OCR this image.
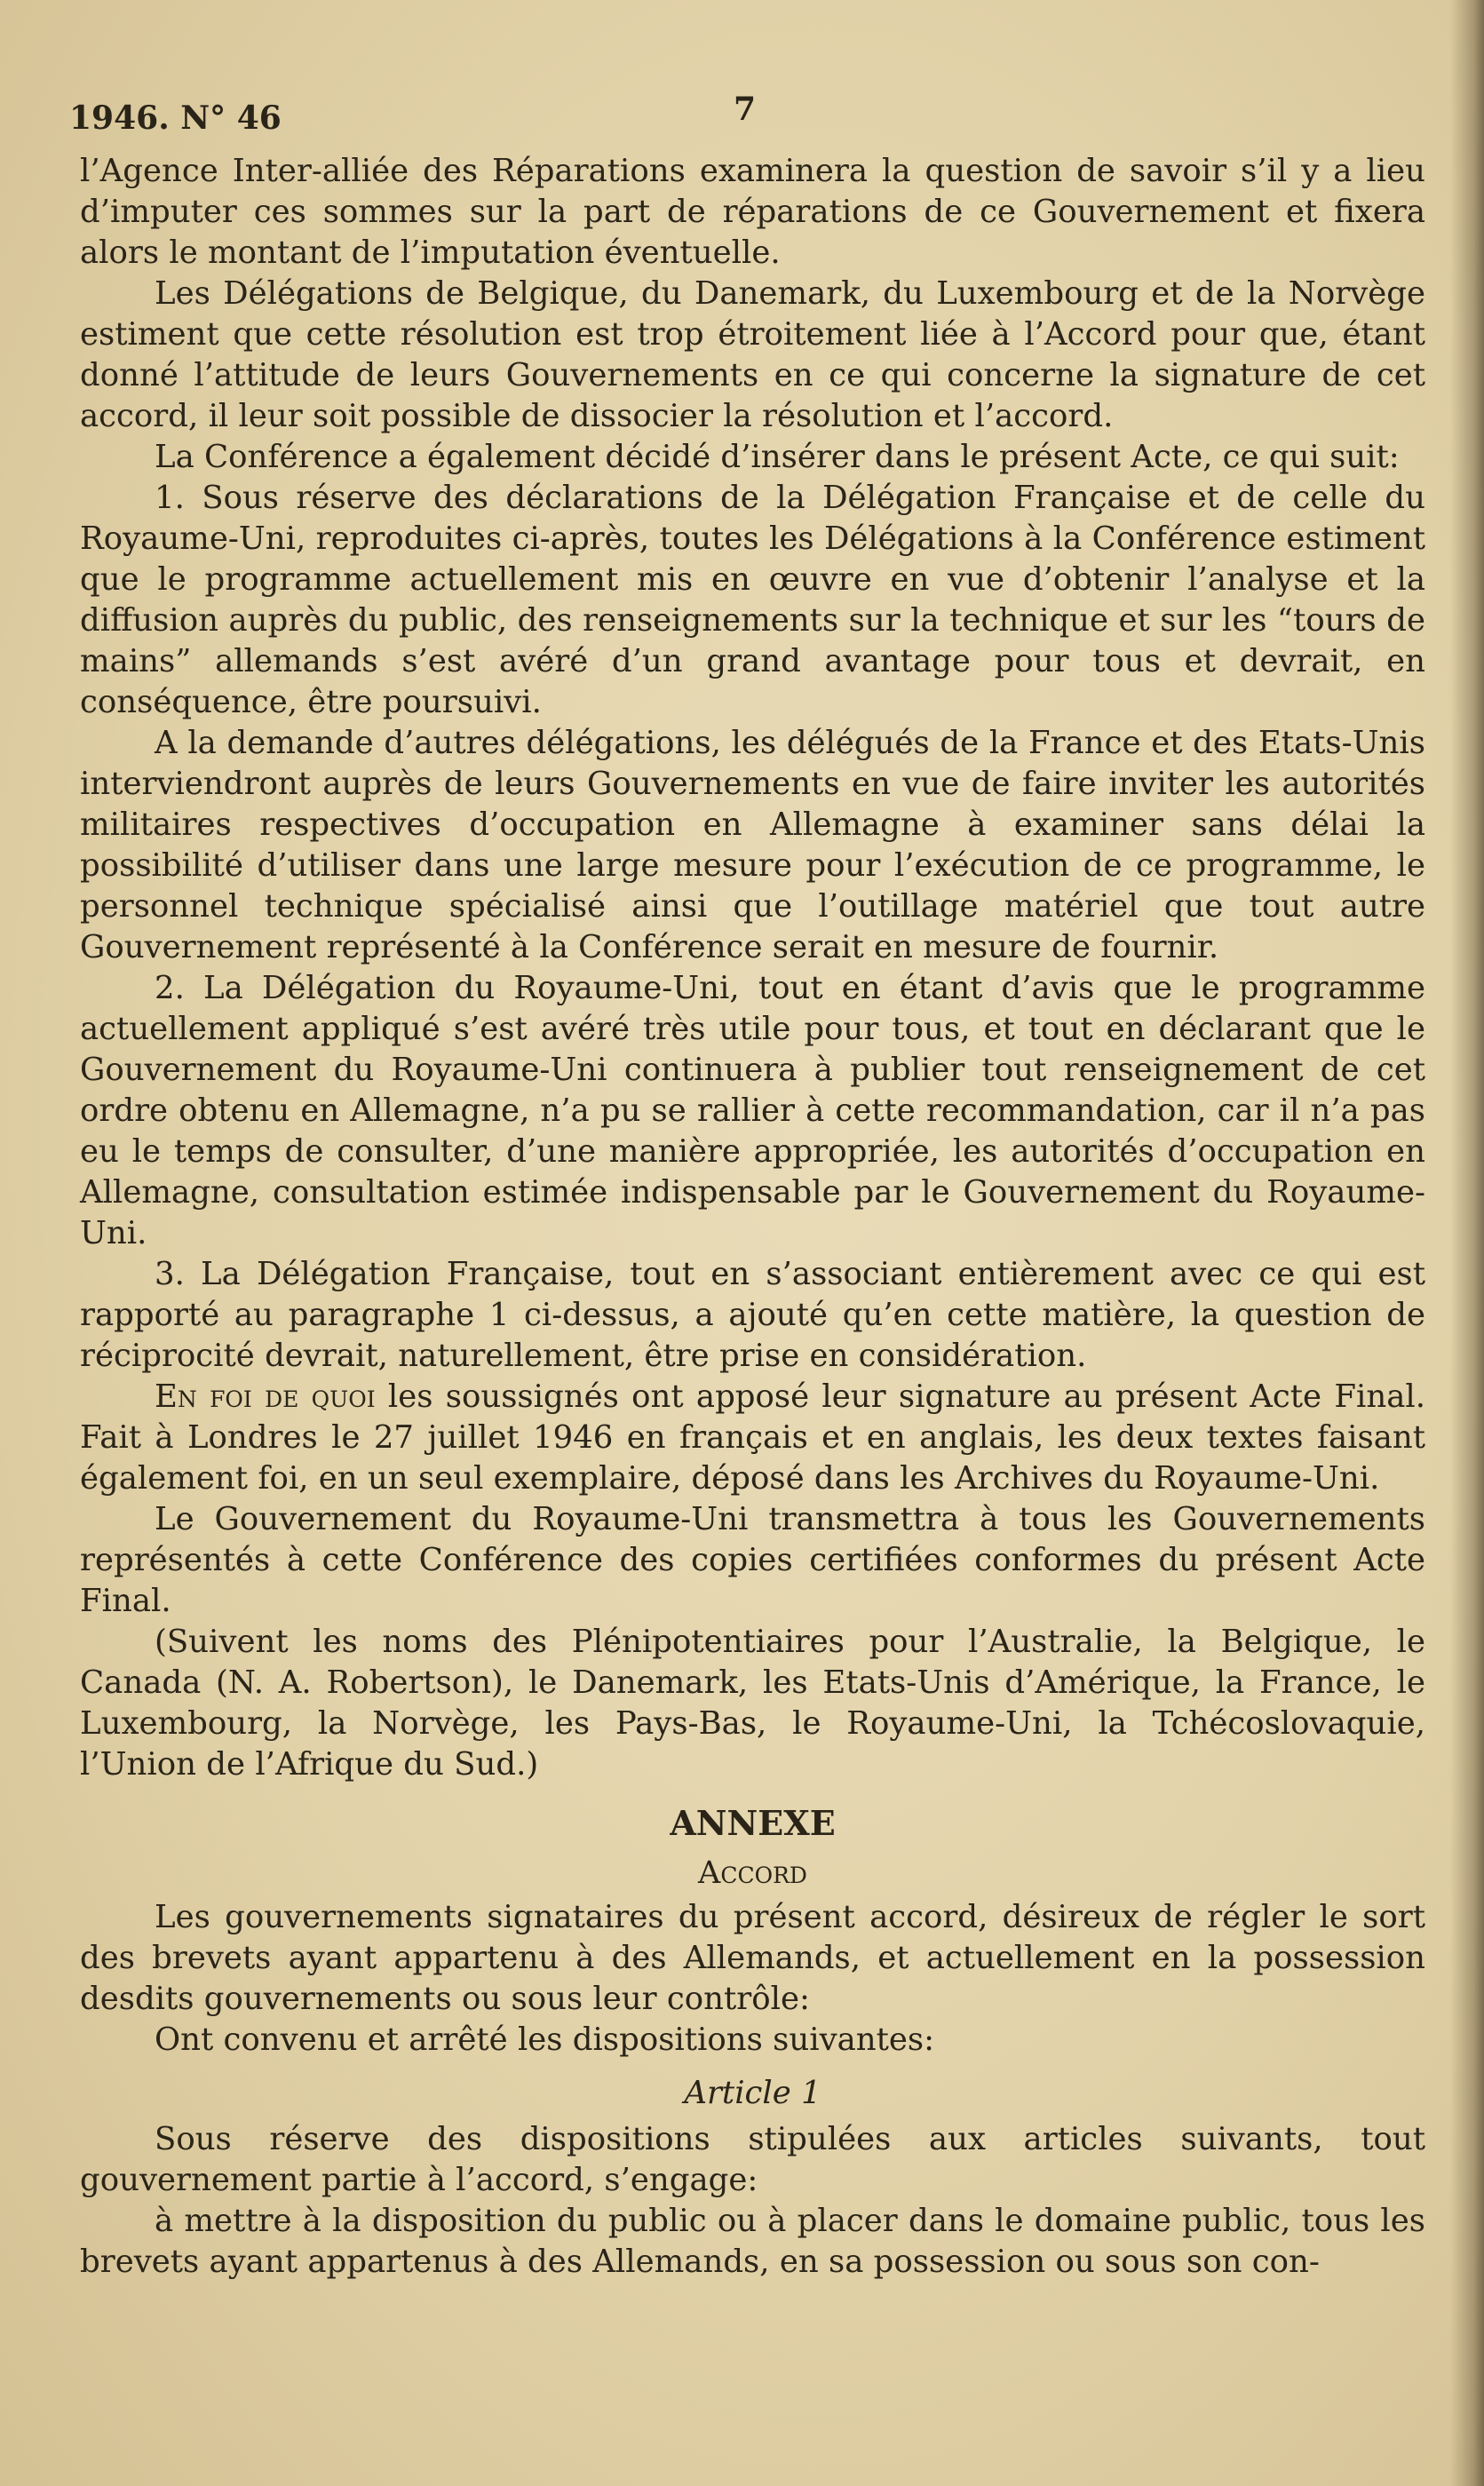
1946. N° 46	7

l’Agence Inter-alliée des Réparations examinera la question de savoir s’il y a lieu d’imputer ces sommes sur la part de réparations de ce Gouvernement et fixera alors le montant de l’imputation éventuelle.

Les Délégations de Belgique, du Danemark, du Luxembourg et de la Norvège estiment que cette résolution est trop étroitement liée à l’Accord pour que, étant donné l’attitude de leurs Gouvernements en ce qui concerne la signature de cet accord, il leur soit possible de dissocier la résolution et l’accord.

La Conférence a également décidé d’insérer dans le présent Acte, ce qui suit:

1. Sous réserve des déclarations de la Délégation Française et de celle du Royaume-Uni, reproduites ci-après, toutes les Délégations à la Conférence estiment que le programme actuellement mis en œuvre en vue d’obtenir l’analyse et la diffusion auprès du public, des renseignements sur la technique et sur les “tours de mains” allemands s’est avéré d’un grand avantage pour tous et devrait, en conséquence, être poursuivi.

A la demande d’autres délégations, les délégués de la France et des Etats-Unis interviendront auprès de leurs Gouvernements en vue de faire inviter les autorités militaires respectives d’occupation en Allemagne à examiner sans délai la possibilité d’utiliser dans une large mesure pour l’exécution de ce programme, le personnel technique spécialisé ainsi que l’outillage matériel que tout autre Gouvernement représenté à la Conférence serait en mesure de fournir.

2. La Délégation du Royaume-Uni, tout en étant d’avis que le programme actuellement appliqué s’est avéré très utile pour tous, et tout en déclarant que le Gouvernement du Royaume-Uni continuera à publier tout renseignement de cet ordre obtenu en Allemagne, n’a pu se rallier à cette recommandation, car il n’a pas eu le temps de consulter, d’une manière appropriée, les autorités d’occupation en Allemagne, consultation estimée indispensable par le Gouvernement du Royaume-Uni.

3. La Délégation Française, tout en s’associant entièrement avec ce qui est rapporté au paragraphe 1 ci-dessus, a ajouté qu’en cette matière, la question de réciprocité devrait, naturellement, être prise en considération.

En foi de quoi les soussignés ont apposé leur signature au présent Acte Final. Fait à Londres le 27 juillet 1946 en français et en anglais, les deux textes faisant également foi, en un seul exemplaire, déposé dans les Archives du Royaume-Uni.

Le Gouvernement du Royaume-Uni transmettra à tous les Gouvernements représentés à cette Conférence des copies certifiées conformes du présent Acte Final.

(Suivent les noms des Plénipotentiaires pour l’Australie, la Belgique, le Canada (N. A. Robertson), le Danemark, les Etats-Unis d’Amérique, la France, le Luxembourg, la Norvège, les Pays-Bas, le Royaume-Uni, la Tchécoslovaquie, l’Union de l’Afrique du Sud.)

ANNEXE
Accord

Les gouvernements signataires du présent accord, désireux de régler le sort des brevets ayant appartenu à des Allemands, et actuellement en la possession desdits gouvernements ou sous leur contrôle:

Ont convenu et arrêté les dispositions suivantes:

Article 1

Sous réserve des dispositions stipulées aux articles suivants, tout gouvernement partie à l’accord, s’engage:

à mettre à la disposition du public ou à placer dans le domaine public, tous les brevets ayant appartenus à des Allemands, en sa possession ou sous son con-
